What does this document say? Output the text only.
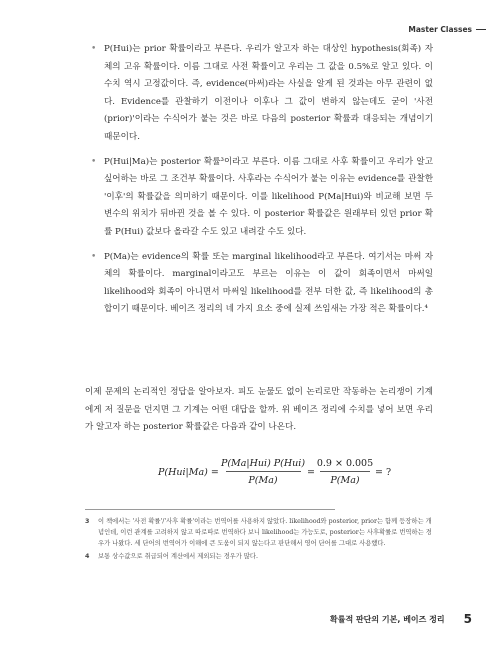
Master Classes
• P(Hui)는 prior 확률이라고 부른다. 우리가 알고자 하는 대상인 hypothesis(회족) 자체의 고유 확률이다. 이름 그대로 사전 확률이고 우리는 그 값을 0.5%로 알고 있다. 이 수치 역시 고정값이다. 즉, evidence(마써)라는 사실을 알게 된 것과는 아무 관련이 없다. Evidence를 관찰하기 이전이나 이후나 그 값이 변하지 않는데도 굳이 '사전(prior)'이라는 수식어가 붙는 것은 바로 다음의 posterior 확률과 대응되는 개념이기 때문이다.
• P(Hui|Ma)는 posterior 확률³이라고 부른다. 이름 그대로 사후 확률이고 우리가 알고 싶어하는 바로 그 조건부 확률이다. 사후라는 수식어가 붙는 이유는 evidence를 관찰한 '이후'의 확률값을 의미하기 때문이다. 이를 likelihood P(Ma|Hui)와 비교해 보면 두 변수의 위치가 뒤바뀐 것을 볼 수 있다. 이 posterior 확률값은 원래부터 있던 prior 확률 P(Hui) 값보다 올라갈 수도 있고 내려갈 수도 있다.
• P(Ma)는 evidence의 확률 또는 marginal likelihood라고 부른다. 여기서는 마써 자체의 확률이다. marginal이라고도 부르는 이유는 이 값이 회족이면서 마써일 likelihood와 회족이 아니면서 마써일 likelihood를 전부 더한 값, 즉 likelihood의 총합이기 때문이다. 베이즈 정리의 네 가지 요소 중에 실제 쓰임새는 가장 적은 확률이다.⁴
이제 문제의 논리적인 정답을 알아보자. 피도 눈물도 없이 논리로만 작동하는 논리쟁이 기계에게 저 질문을 던지면 그 기계는 어떤 대답을 할까. 위 베이즈 정리에 수치를 넣어 보면 우리가 알고자 하는 posterior 확률값은 다음과 같이 나온다.
P(Hui|Ma) =
P(Ma|Hui) P(Hui)
P(Ma)
=
0.9 × 0.005
P(Ma)
= ?
3 이 책에서는 '사전 확률'/'사후 확률'이라는 번역어를 사용하지 않았다. likelihood와 posterior, prior는 함께 등장하는 개념인데, 이런 관계를 고려하지 않고 따로따로 번역하다 보니 likelihood는 가능도로, posterior는 사후확률로 번역하는 경우가 나왔다. 세 단어의 번역어가 이해에 큰 도움이 되지 않는다고 판단해서 영어 단어를 그대로 사용했다.
4 보통 상수값으로 취급되어 계산에서 제외되는 경우가 많다.
확률적 판단의 기본, 베이즈 정리 5
